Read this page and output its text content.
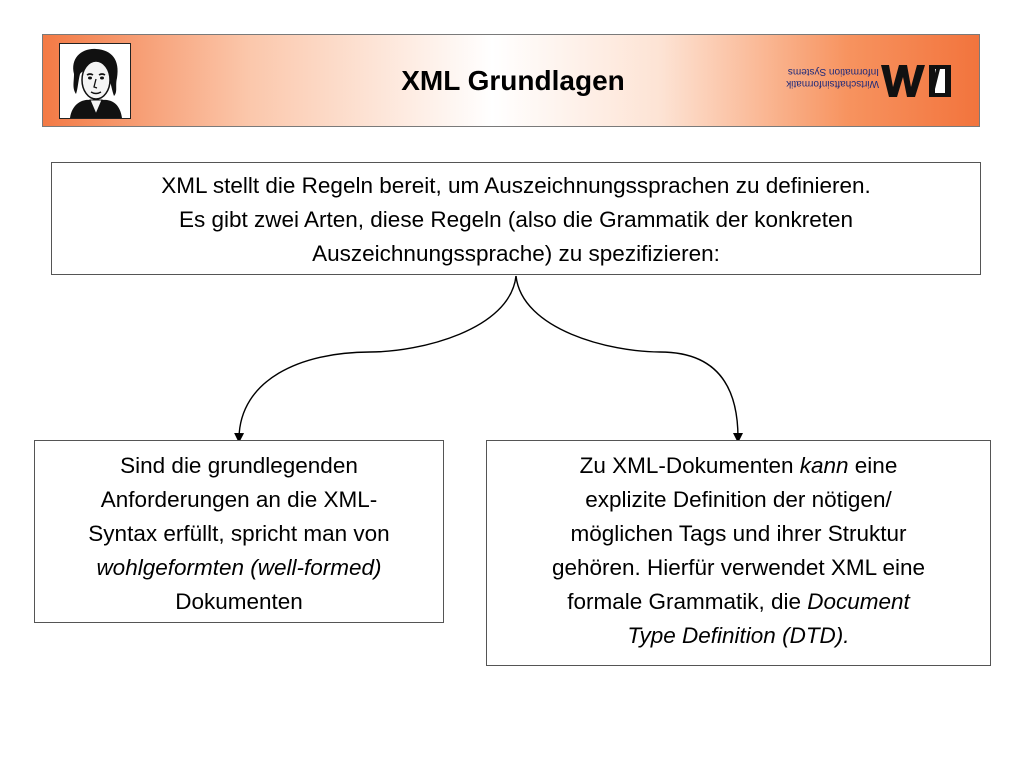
XML Grundlagen	Wirtschaftsinformatik
Information Systems
XML stellt die Regeln bereit, um Auszeichnungssprachen zu definieren.
Es gibt zwei Arten, diese Regeln (also die Grammatik der konkreten
Auszeichnungssprache) zu spezifizieren:
Sind die grundlegenden
Anforderungen an die XML-
Syntax erfüllt, spricht man von
wohlgeformten (well-formed)
Dokumenten
Zu XML-Dokumenten kann eine
explizite Definition der nötigen/
möglichen Tags und ihrer Struktur
gehören. Hierfür verwendet XML eine
formale Grammatik, die Document
Type Definition (DTD).
